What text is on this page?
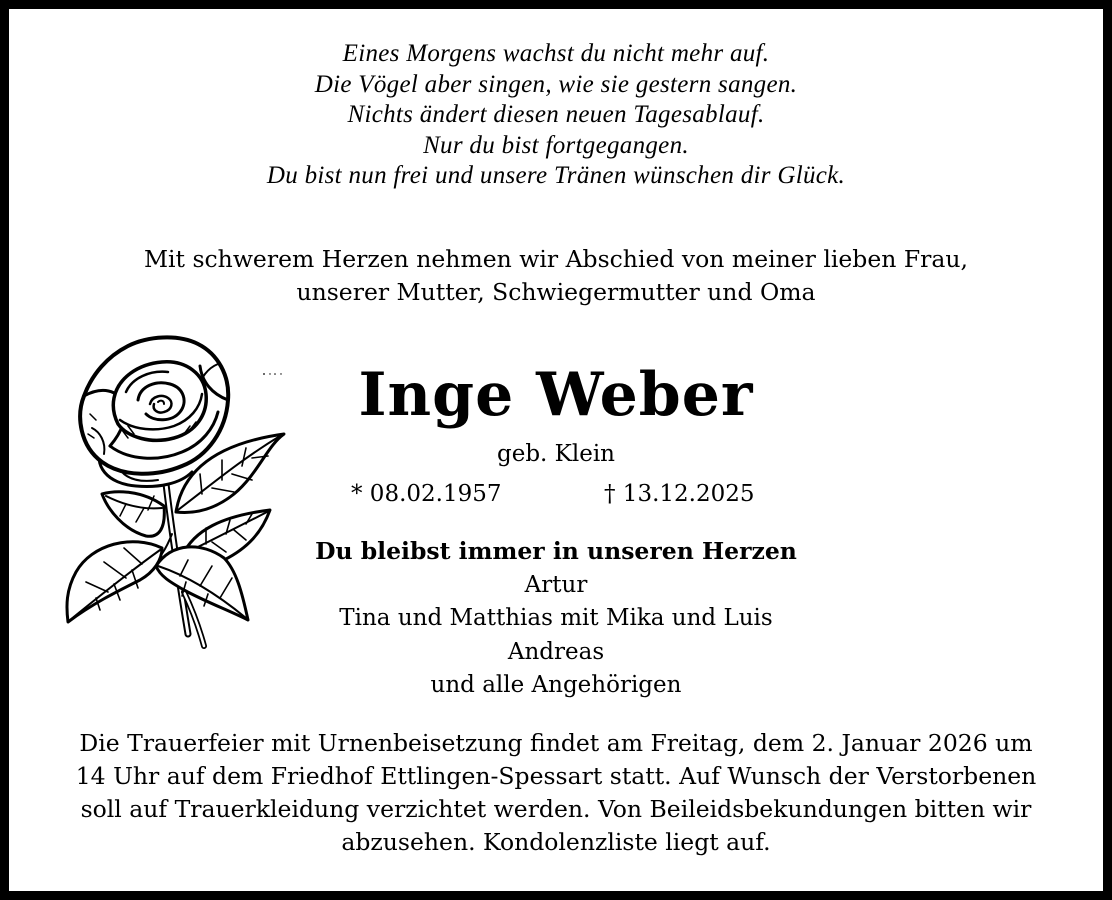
Eines Morgens wachst du nicht mehr auf.
Die Vögel aber singen, wie sie gestern sangen.
Nichts ändert diesen neuen Tagesablauf.
Nur du bist fortgegangen.
Du bist nun frei und unsere Tränen wünschen dir Glück.
Mit schwerem Herzen nehmen wir Abschied von meiner lieben Frau,
unserer Mutter, Schwiegermutter und Oma
Inge Weber
geb. Klein
* 08.02.1957	† 13.12.2025
Du bleibst immer in unseren Herzen
Artur
Tina und Matthias mit Mika und Luis
Andreas
und alle Angehörigen
Die Trauerfeier mit Urnenbeisetzung findet am Freitag, dem 2. Januar 2026 um
14 Uhr auf dem Friedhof Ettlingen-Spessart statt. Auf Wunsch der Verstorbenen
soll auf Trauerkleidung verzichtet werden. Von Beileidsbekundungen bitten wir
abzusehen. Kondolenzliste liegt auf.
